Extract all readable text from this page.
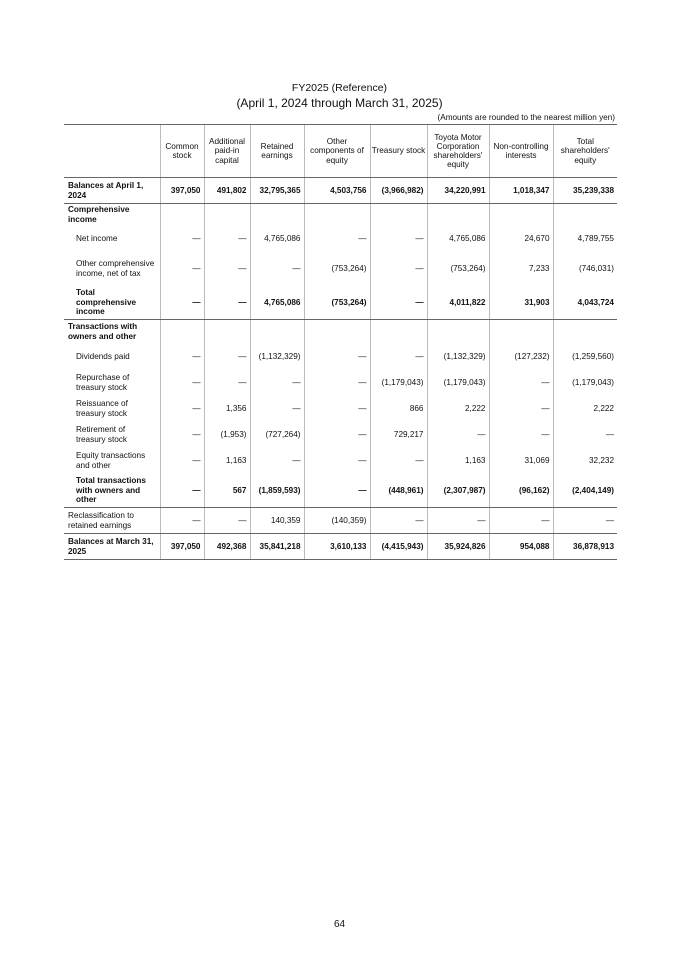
FY2025 (Reference)
(April 1, 2024 through March 31, 2025)
(Amounts are rounded to the nearest million yen)
	Common stock	Additional paid-in capital	Retained earnings	Other components of equity	Treasury stock	Toyota Motor Corporation shareholders' equity	Non-controlling interests	Total shareholders' equity
Balances at April 1, 2024	397,050	491,802	32,795,365	4,503,756	(3,966,982)	34,220,991	1,018,347	35,239,338
Comprehensive income								
Net income	—	—	4,765,086	—	—	4,765,086	24,670	4,789,755
Other comprehensive income, net of tax	—	—	—	(753,264)	—	(753,264)	7,233	(746,031)
Total comprehensive income	—	—	4,765,086	(753,264)	—	4,011,822	31,903	4,043,724
Transactions with owners and other								
Dividends paid	—	—	(1,132,329)	—	—	(1,132,329)	(127,232)	(1,259,560)
Repurchase of treasury stock	—	—	—	—	(1,179,043)	(1,179,043)	—	(1,179,043)
Reissuance of treasury stock	—	1,356	—	—	866	2,222	—	2,222
Retirement of treasury stock	—	(1,953)	(727,264)	—	729,217	—	—	—
Equity transactions and other	—	1,163	—	—	—	1,163	31,069	32,232
Total transactions with owners and other	—	567	(1,859,593)	—	(448,961)	(2,307,987)	(96,162)	(2,404,149)
Reclassification to retained earnings	—	—	140,359	(140,359)	—	—	—	—
Balances at March 31, 2025	397,050	492,368	35,841,218	3,610,133	(4,415,943)	35,924,826	954,088	36,878,913
64
